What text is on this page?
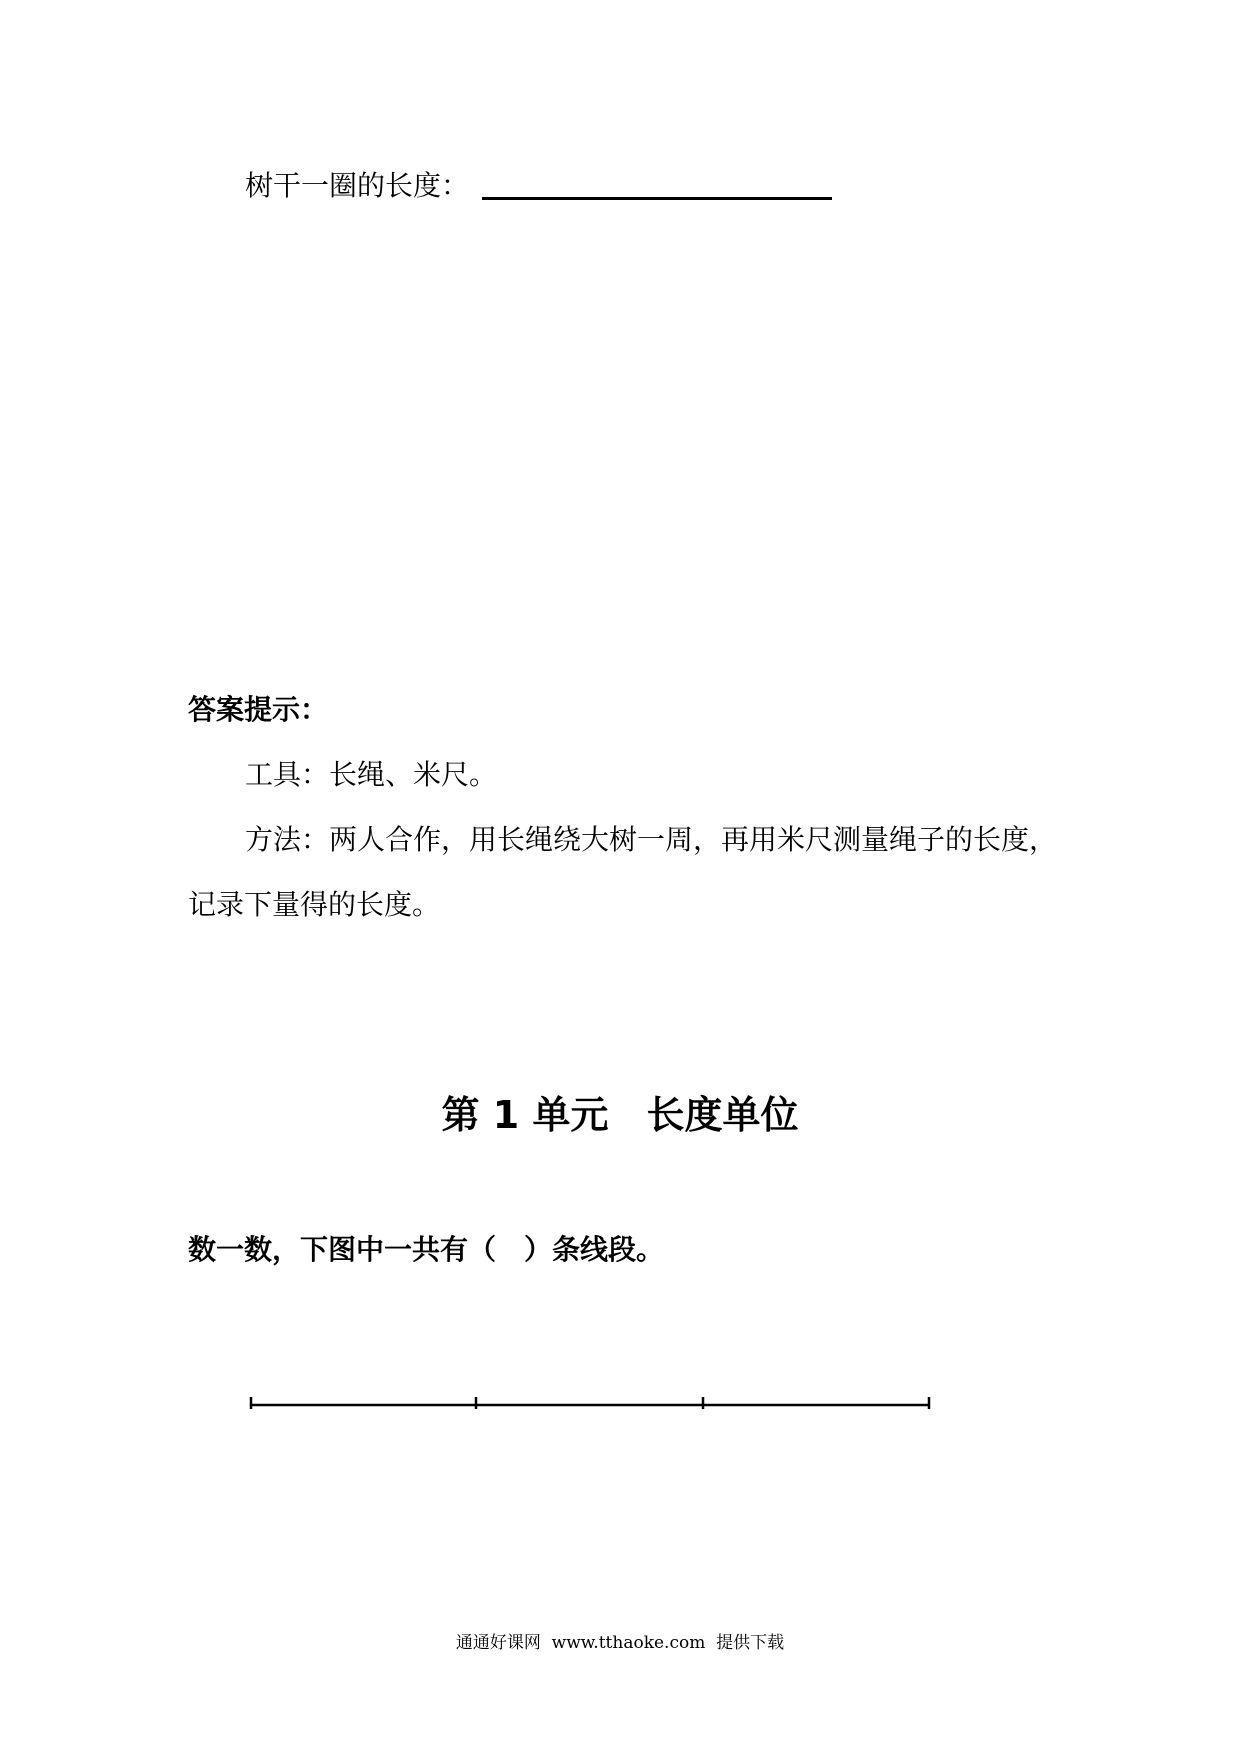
树干一圈的长度：
答案提示：
工具：长绳、米尺。
方法：两人合作，用长绳绕大树一周，再用米尺测量绳子的长度，
记录下量得的长度。
第 1 单元　长度单位
数一数，下图中一共有（　）条线段。
通通好课网  www.tthaoke.com  提供下载
